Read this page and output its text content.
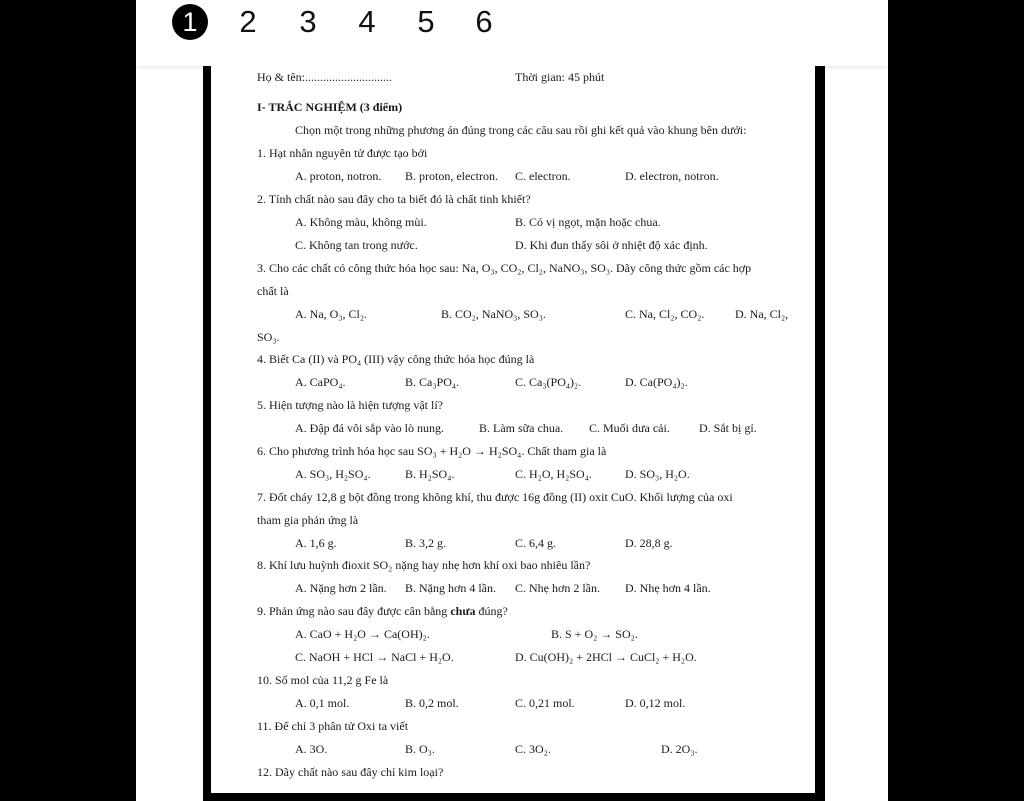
1	2	3	4	5	6
Họ & tên:.............................	Thời gian: 45 phút
I- TRẮC NGHIỆM (3 điểm)
Chọn một trong những phương án đúng trong các câu sau rồi ghi kết quả vào khung bên dưới:
1. Hạt nhân nguyên tử được tạo bởi
A. proton, notron. B. proton, electron. C. electron.	D. electron, notron.
2. Tính chất nào sau đây cho ta biết đó là chất tinh khiết?
A. Không màu, không mùi.	B. Có vị ngọt, mặn hoặc chua.
C. Không tan trong nước.	D. Khi đun thấy sôi ở nhiệt độ xác định.
3. Cho các chất có công thức hóa học sau: Na, O₃, CO₂, Cl₂, NaNO₃, SO₃. Dãy công thức gồm các hợp
chất là
A. Na, O₃, Cl₂.	B. CO₂, NaNO₃, SO₃.	C. Na, Cl₂, CO₂.	D. Na, Cl₂,
SO₃.
4. Biết Ca (II) và PO₄ (III) vậy công thức hóa học đúng là
A. CaPO₄.	B. Ca₃PO₄.	C. Ca₃(PO₄)₂.	D. Ca(PO₄)₂.
5. Hiện tượng nào là hiện tượng vật lí?
A. Đập đá vôi sắp vào lò nung.	B. Làm sữa chua. C. Muối dưa cải. D. Sắt bị gỉ.
6. Cho phương trình hóa học sau SO₃ + H₂O → H₂SO₄. Chất tham gia là
A. SO₃, H₂SO₄.	B. H₂SO₄.	C. H₂O, H₂SO₄.	D. SO₃, H₂O.
7. Đốt cháy 12,8 g bột đồng trong không khí, thu được 16g đồng (II) oxit CuO. Khối lượng của oxi
tham gia phản ứng là
A. 1,6 g.	B. 3,2 g.	C. 6,4 g.	D. 28,8 g.
8. Khí lưu huỳnh đioxit SO₂ nặng hay nhẹ hơn khí oxi bao nhiêu lần?
A. Nặng hơn 2 lần. B. Nặng hơn 4 lần. C. Nhẹ hơn 2 lần. D. Nhẹ hơn 4 lần.
9. Phản ứng nào sau đây được cân bằng chưa đúng?
A. CaO + H₂O → Ca(OH)₂.	B. S + O₂ → SO₂.
C. NaOH + HCl → NaCl + H₂O.	D. Cu(OH)₂ + 2HCl → CuCl₂ + H₂O.
10. Số mol của 11,2 g Fe là
A. 0,1 mol.	B. 0,2 mol.	C. 0,21 mol.	D. 0,12 mol.
11. Để chỉ 3 phân tử Oxi ta viết
A. 3O.	B. O₃.	C. 3O₂.	D. 2O₃.
12. Dãy chất nào sau đây chỉ kim loại?
